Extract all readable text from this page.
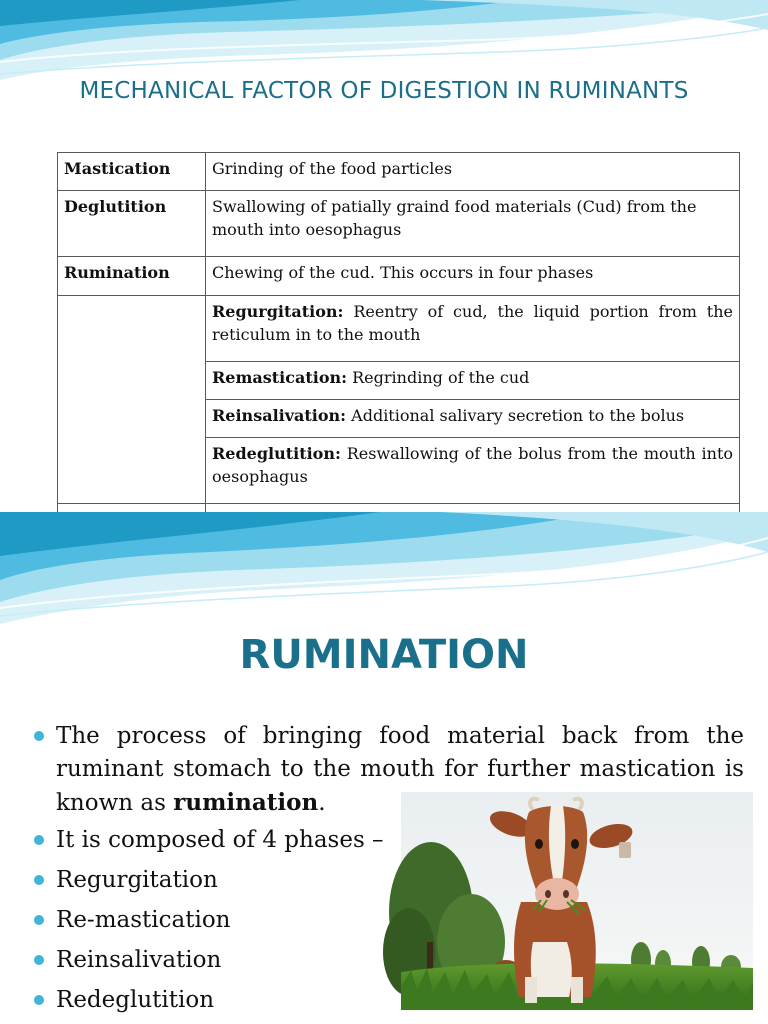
MECHANICAL FACTOR OF DIGESTION IN RUMINANTS
Mastication	Grinding of the food particles
Deglutition	Swallowing of patially graind food materials (Cud) from the mouth into oesophagus
Rumination	Chewing of the cud. This occurs in four phases
	Regurgitation: Reentry of cud, the liquid portion from the reticulum in to the mouth
	Remastication: Regrinding of the cud
	Reinsalivation: Additional salivary secretion to the bolus
	Redeglutition: Reswallowing of the bolus from the mouth into oesophagus

RUMINATION
The process of bringing food material back from the ruminant stomach to the mouth for further mastication is known as rumination.
It is composed of 4 phases –
Regurgitation
Re-mastication
Reinsalivation
Redeglutition
